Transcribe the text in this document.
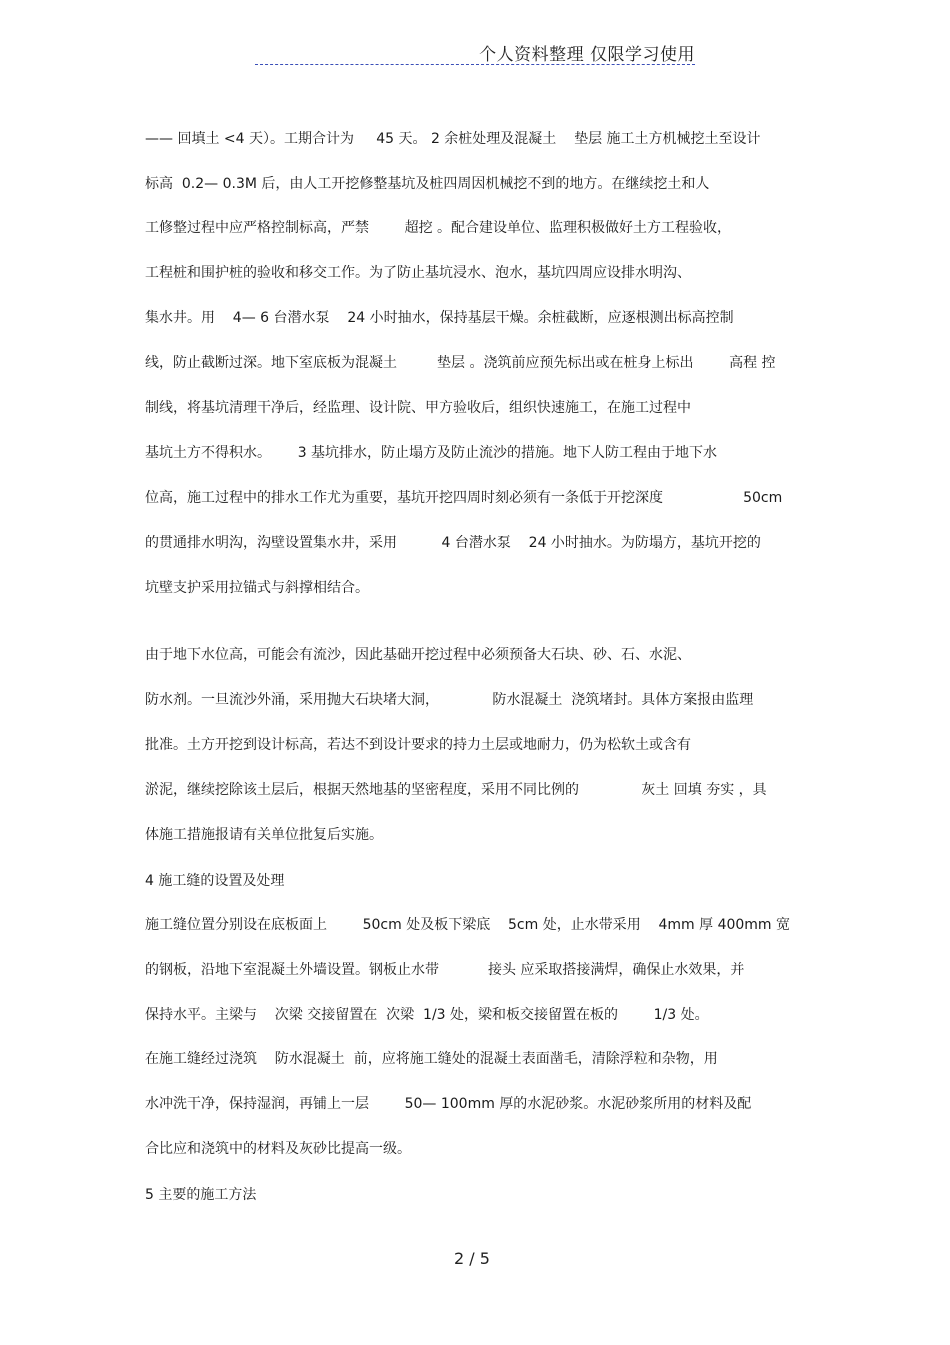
个人资料整理 仅限学习使用
—— 回填土 <4 天）。工期合计为     45 天。 2 余桩处理及混凝土    垫层 施工土方机械挖土至设计
标高  0.2— 0.3M 后，由人工开挖修整基坑及桩四周因机械挖不到的地方。在继续挖土和人
工修整过程中应严格控制标高，严禁        超挖 。配合建设单位、监理积极做好土方工程验收，
工程桩和围护桩的验收和移交工作。为了防止基坑浸水、泡水，基坑四周应设排水明沟、
集水井。用    4— 6 台潜水泵    24 小时抽水，保持基层干燥。余桩截断，应逐根测出标高控制
线，防止截断过深。地下室底板为混凝土         垫层 。浇筑前应预先标出或在桩身上标出        高程 控
制线，将基坑清理干净后，经监理、设计院、甲方验收后，组织快速施工，在施工过程中
基坑土方不得积水。      3 基坑排水，防止塌方及防止流沙的措施。地下人防工程由于地下水
位高，施工过程中的排水工作尤为重要，基坑开挖四周时刻必须有一条低于开挖深度                  50cm
的贯通排水明沟，沟壁设置集水井，采用          4 台潜水泵    24 小时抽水。为防塌方，基坑开挖的
坑壁支护采用拉锚式与斜撑相结合。
由于地下水位高，可能会有流沙，因此基础开挖过程中必须预备大石块、砂、石、水泥、
防水剂。一旦流沙外涌，采用抛大石块堵大洞，            防水混凝土  浇筑堵封。具体方案报由监理
批准。土方开挖到设计标高，若达不到设计要求的持力土层或地耐力，仍为松软土或含有
淤泥，继续挖除该土层后，根据天然地基的坚密程度，采用不同比例的              灰土 回填 夯实 ，具
体施工措施报请有关单位批复后实施。
4 施工缝的设置及处理
施工缝位置分别设在底板面上        50cm 处及板下梁底    5cm 处，止水带采用    4mm 厚 400mm 宽
的钢板，沿地下室混凝土外墙设置。钢板止水带           接头 应采取搭接满焊，确保止水效果，并
保持水平。主梁与    次梁 交接留置在  次梁  1/3 处，梁和板交接留置在板的        1/3 处。
在施工缝经过浇筑    防水混凝土  前，应将施工缝处的混凝土表面凿毛，清除浮粒和杂物，用
水冲洗干净，保持湿润，再铺上一层        50— 100mm 厚的水泥砂浆。水泥砂浆所用的材料及配
合比应和浇筑中的材料及灰砂比提高一级。
5 主要的施工方法
2 / 5
